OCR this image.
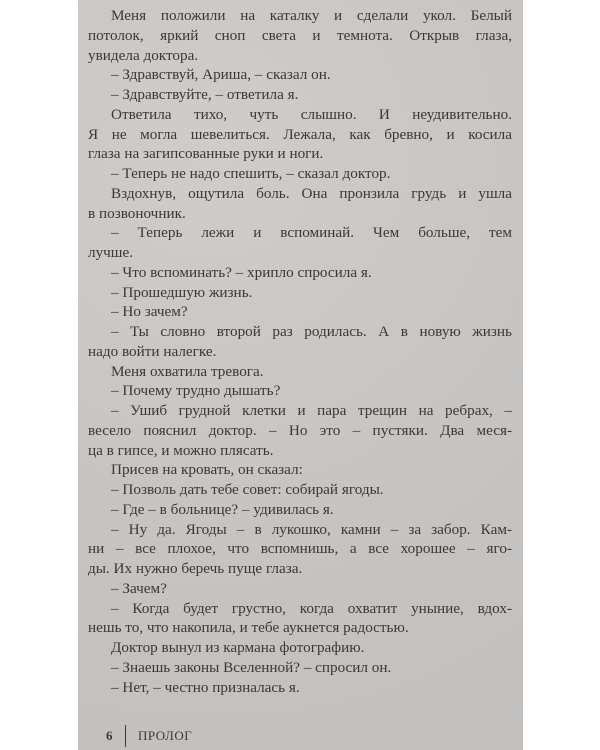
Меня положили на каталку и сделали укол. Белый
потолок, яркий сноп света и темнота. Открыв глаза,
увидела доктора.
– Здравствуй, Ариша, – сказал он.
– Здравствуйте, – ответила я.
Ответила тихо, чуть слышно. И неудивительно.
Я не могла шевелиться. Лежала, как бревно, и косила
глаза на загипсованные руки и ноги.
– Теперь не надо спешить, – сказал доктор.
Вздохнув, ощутила боль. Она пронзила грудь и ушла
в позвоночник.
– Теперь лежи и вспоминай. Чем больше, тем
лучше.
– Что вспоминать? – хрипло спросила я.
– Прошедшую жизнь.
– Но зачем?
– Ты словно второй раз родилась. А в новую жизнь
надо войти налегке.
Меня охватила тревога.
– Почему трудно дышать?
– Ушиб грудной клетки и пара трещин на ребрах, –
весело пояснил доктор. – Но это – пустяки. Два меся-
ца в гипсе, и можно плясать.
Присев на кровать, он сказал:
– Позволь дать тебе совет: собирай ягоды.
– Где – в больнице? – удивилась я.
– Ну да. Ягоды – в лукошко, камни – за забор. Кам-
ни – все плохое, что вспомнишь, а все хорошее – яго-
ды. Их нужно беречь пуще глаза.
– Зачем?
– Когда будет грустно, когда охватит уныние, вдох-
нешь то, что накопила, и тебе аукнется радостью.
Доктор вынул из кармана фотографию.
– Знаешь законы Вселенной? – спросил он.
– Нет, – честно призналась я.
6 ПРОЛОГ
